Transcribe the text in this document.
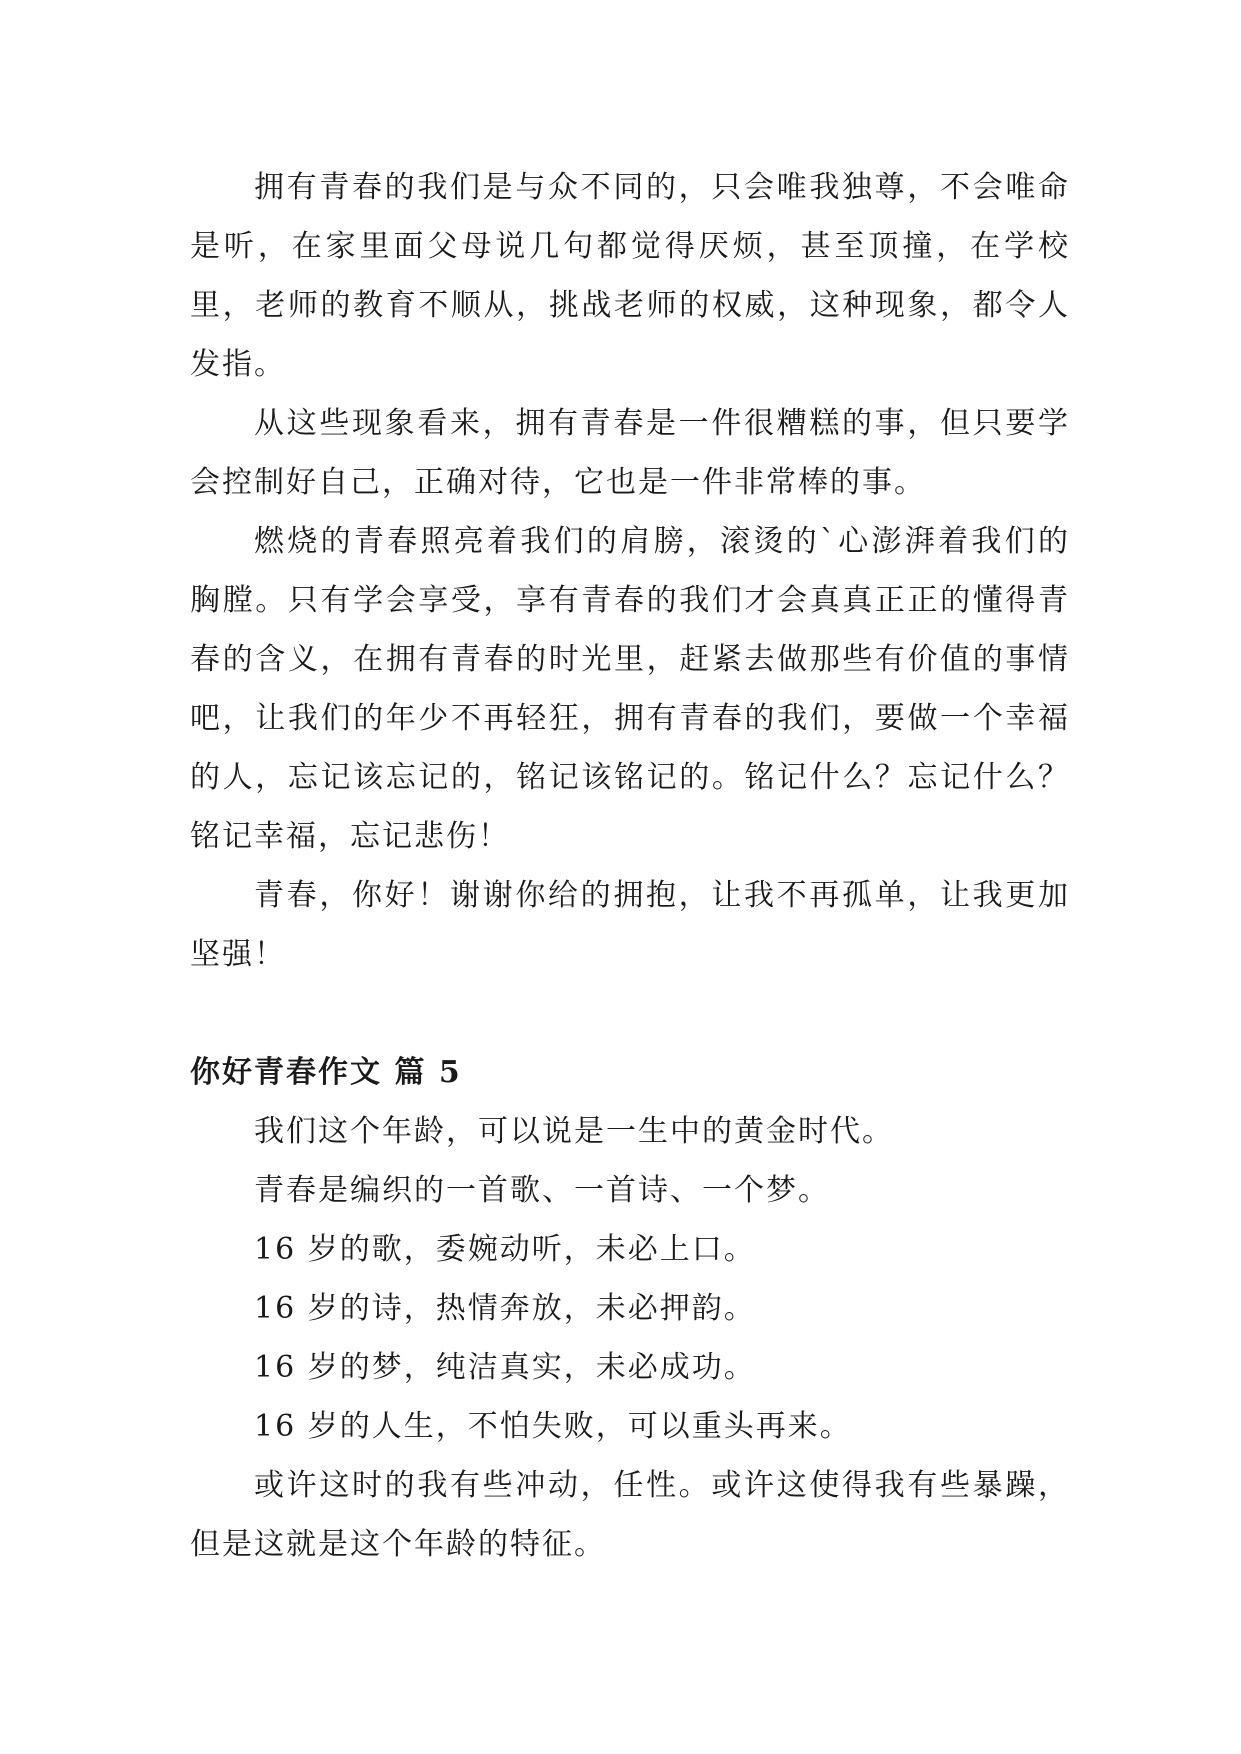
拥有青春的我们是与众不同的，只会唯我独尊，不会唯命是听，在家里面父母说几句都觉得厌烦，甚至顶撞，在学校里，老师的教育不顺从，挑战老师的权威，这种现象，都令人发指。

从这些现象看来，拥有青春是一件很糟糕的事，但只要学会控制好自己，正确对待，它也是一件非常棒的事。

燃烧的青春照亮着我们的肩膀，滚烫的`心澎湃着我们的胸膛。只有学会享受，享有青春的我们才会真真正正的懂得青春的含义，在拥有青春的时光里，赶紧去做那些有价值的事情吧，让我们的年少不再轻狂，拥有青春的我们，要做一个幸福的人，忘记该忘记的，铭记该铭记的。铭记什么？忘记什么？铭记幸福，忘记悲伤！

青春，你好！谢谢你给的拥抱，让我不再孤单，让我更加坚强！

你好青春作文 篇 5

我们这个年龄，可以说是一生中的黄金时代。

青春是编织的一首歌、一首诗、一个梦。

16 岁的歌，委婉动听，未必上口。

16 岁的诗，热情奔放，未必押韵。

16 岁的梦，纯洁真实，未必成功。

16 岁的人生，不怕失败，可以重头再来。

或许这时的我有些冲动，任性。或许这使得我有些暴躁，但是这就是这个年龄的特征。
